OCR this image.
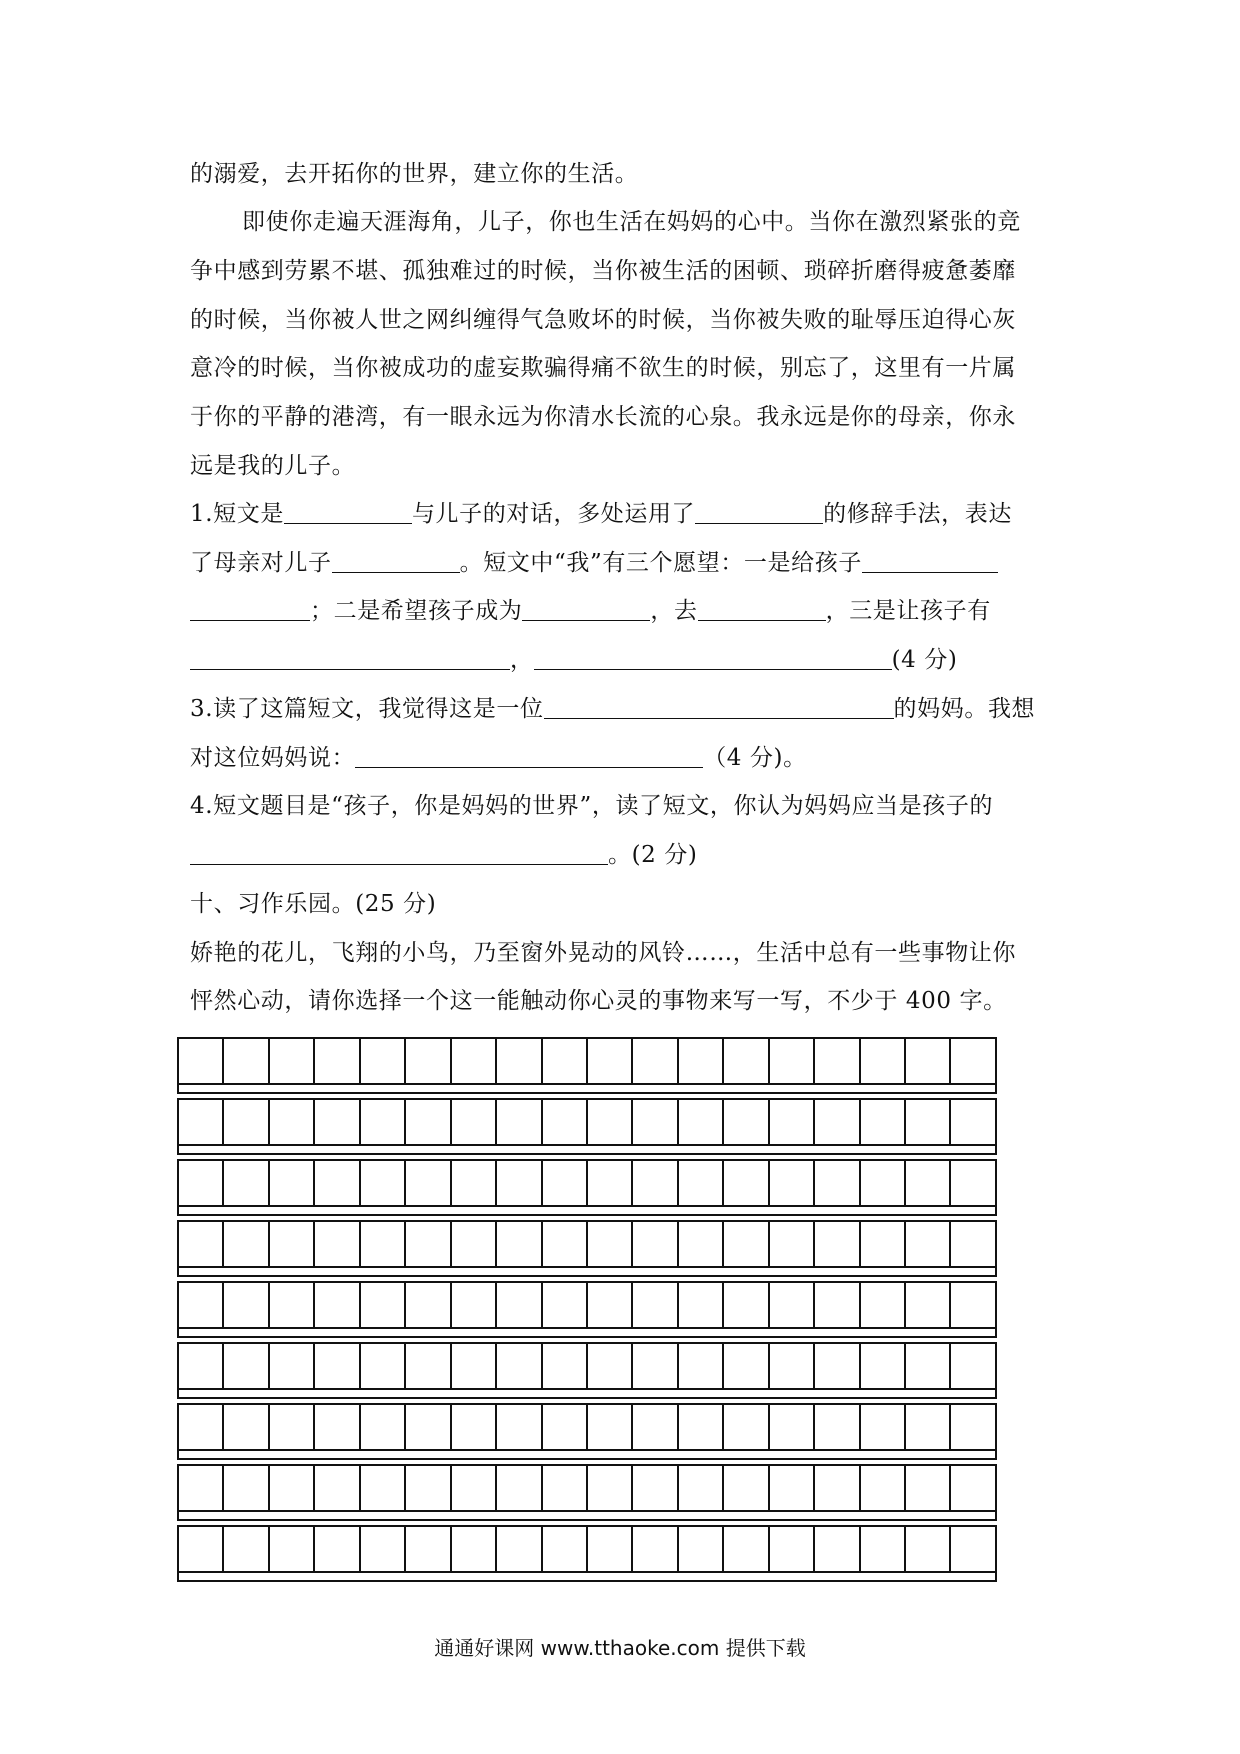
的溺爱，去开拓你的世界，建立你的生活。
即使你走遍天涯海角，儿子，你也生活在妈妈的心中。当你在激烈紧张的竞
争中感到劳累不堪、孤独难过的时候，当你被生活的困顿、琐碎折磨得疲惫萎靡
的时候，当你被人世之网纠缠得气急败坏的时候，当你被失败的耻辱压迫得心灰
意冷的时候，当你被成功的虚妄欺骗得痛不欲生的时候，别忘了，这里有一片属
于你的平静的港湾，有一眼永远为你清水长流的心泉。我永远是你的母亲，你永
远是我的儿子。
1.短文是	与儿子的对话，多处运用了	的修辞手法，表达
了母亲对儿子	。短文中“我”有三个愿望：一是给孩子
；二是希望孩子成为	，去	，三是让孩子有
，	(4 分)
3.读了这篇短文，我觉得这是一位	的妈妈。我想
对这位妈妈说：	（4 分)。
4.短文题目是“孩子，你是妈妈的世界”，读了短文，你认为妈妈应当是孩子的
。(2 分)
十、习作乐园。(25 分)
娇艳的花儿，飞翔的小鸟，乃至窗外晃动的风铃……，生活中总有一些事物让你
怦然心动，请你选择一个这一能触动你心灵的事物来写一写，不少于 400 字。
通通好课网 www.tthaoke.com 提供下载
